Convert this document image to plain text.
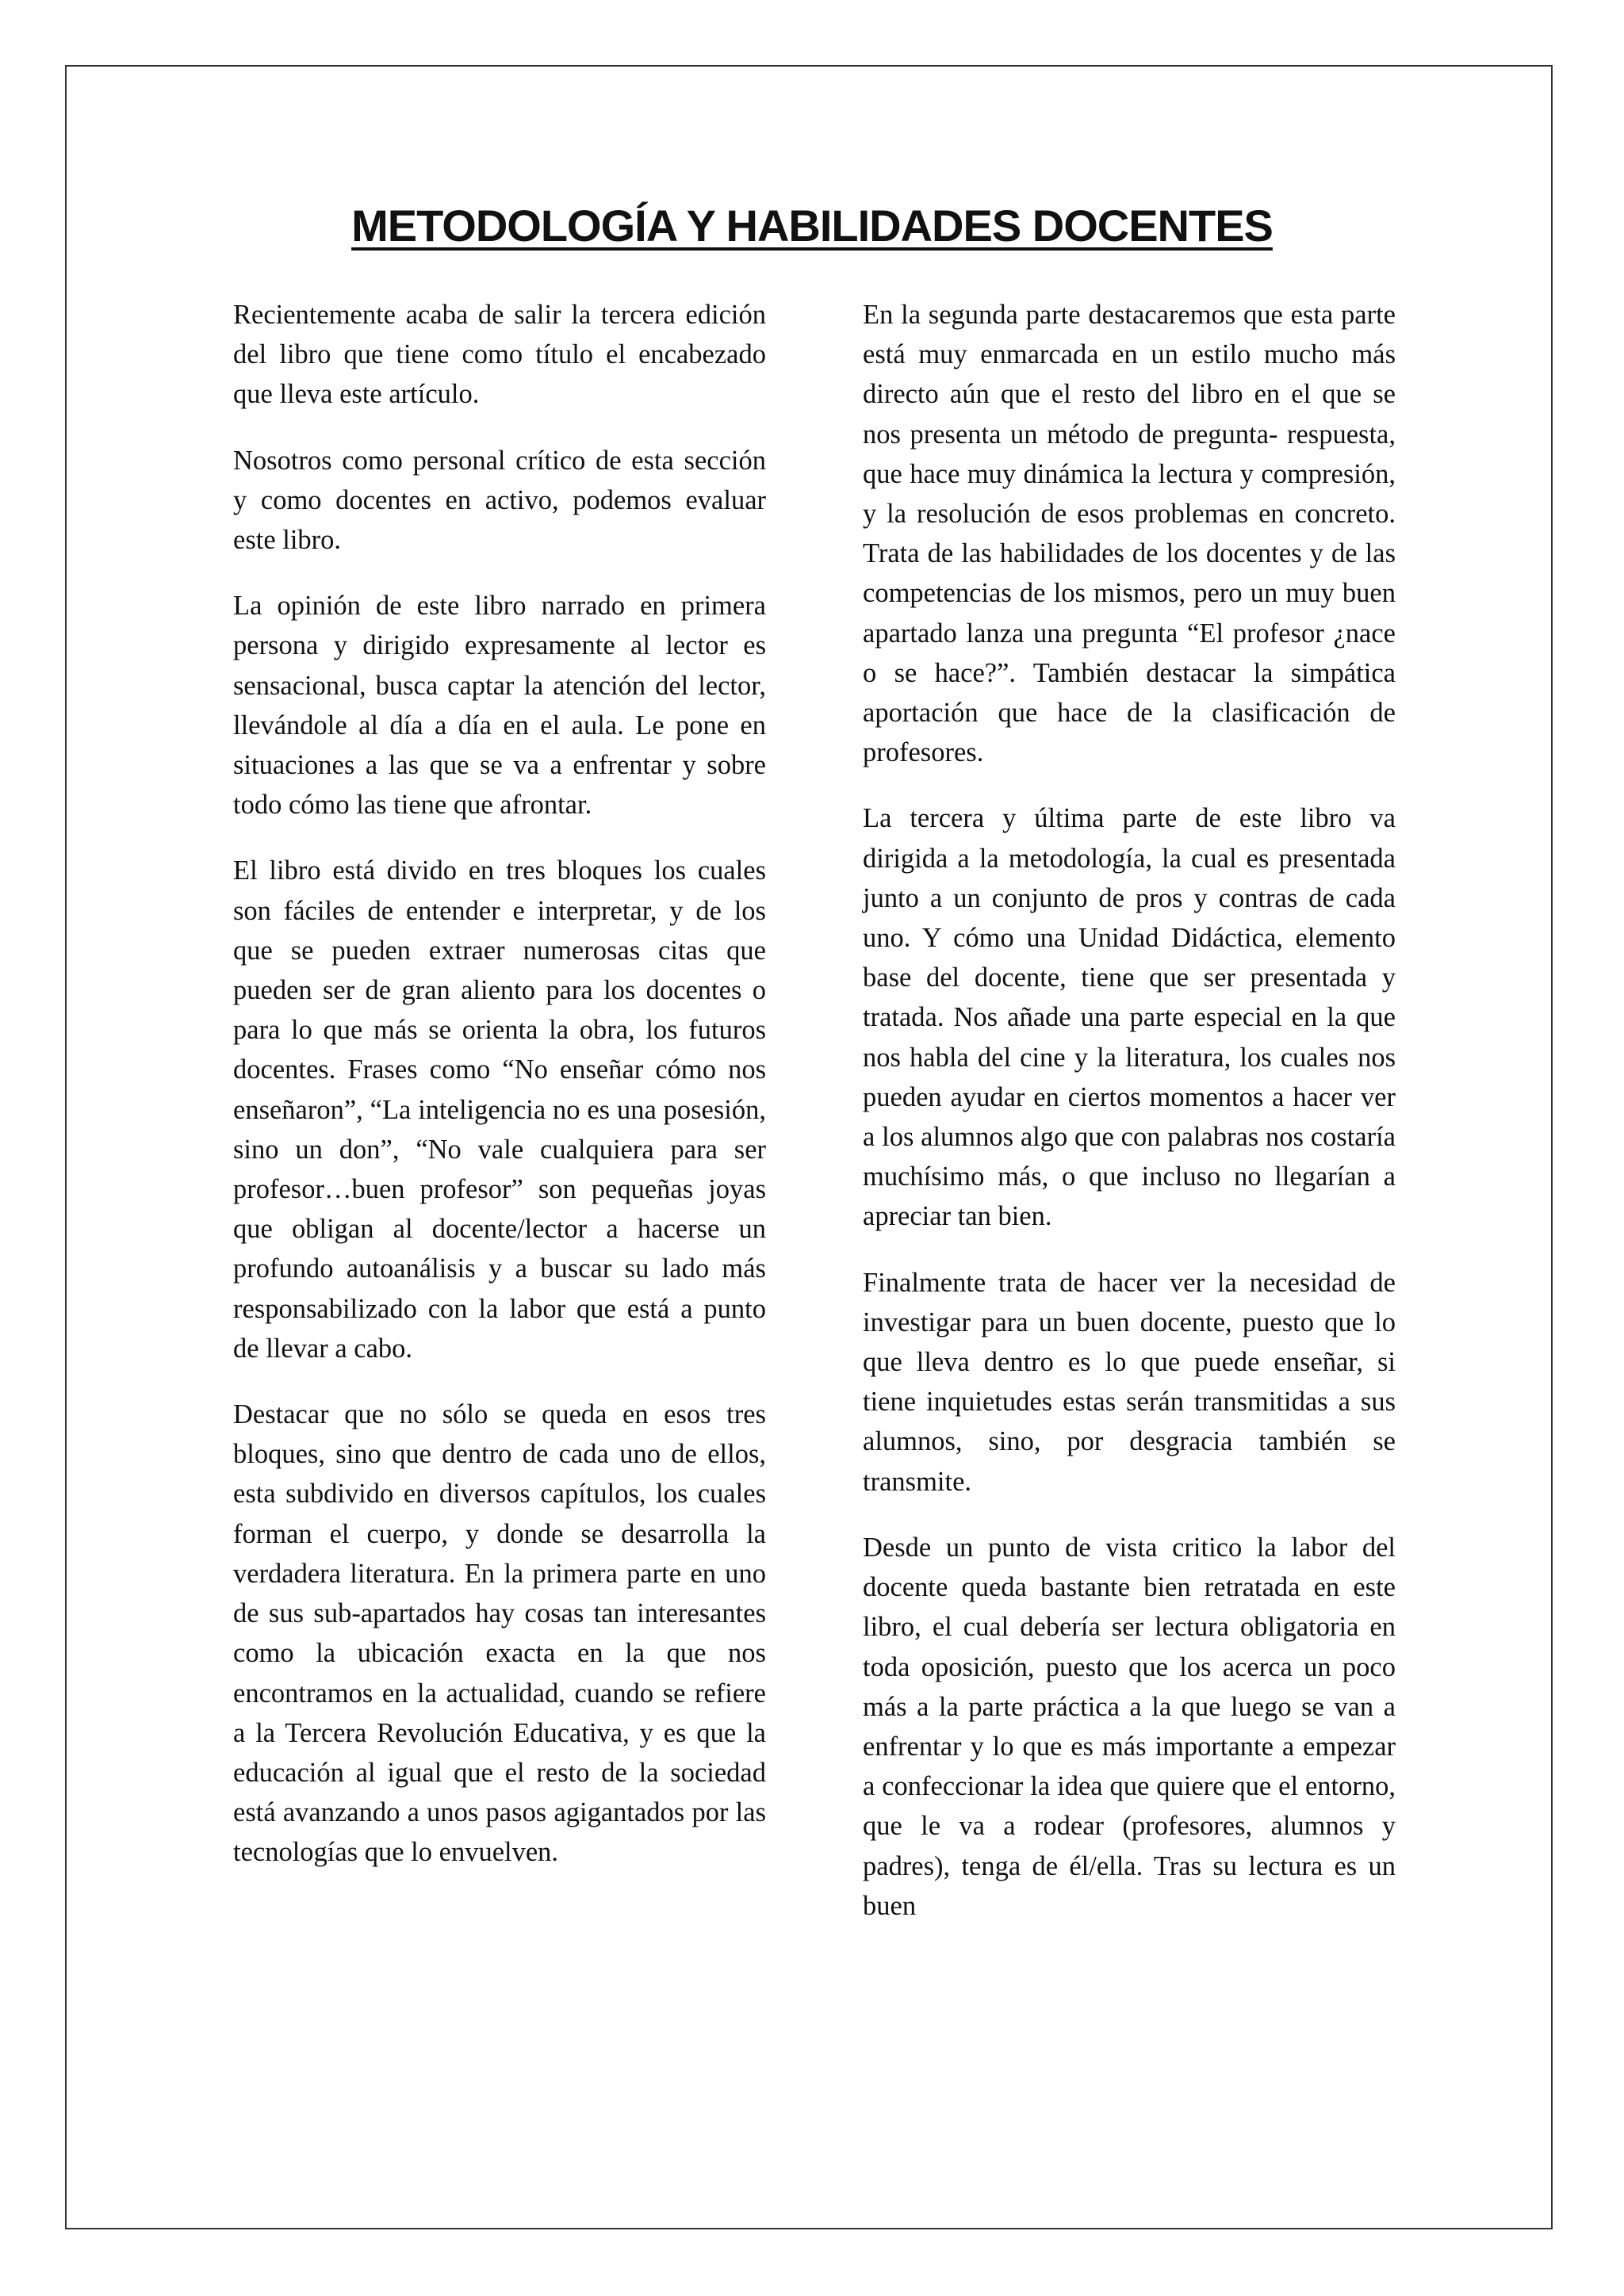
METODOLOGÍA Y HABILIDADES DOCENTES

Recientemente acaba de salir la tercera edición del libro que tiene como título el encabezado que lleva este artículo.

Nosotros como personal crítico de esta sección y como docentes en activo, podemos evaluar este libro.

La opinión de este libro narrado en primera persona y dirigido expresamente al lector es sensacional, busca captar la atención del lector, llevándole al día a día en el aula. Le pone en situaciones a las que se va a enfrentar y sobre todo cómo las tiene que afrontar.

El libro está divido en tres bloques los cuales son fáciles de entender e interpretar, y de los que se pueden extraer numerosas citas que pueden ser de gran aliento para los docentes o para lo que más se orienta la obra, los futuros docentes. Frases como “No enseñar cómo nos enseñaron”, “La inteligencia no es una posesión, sino un don”, “No vale cualquiera para ser profesor…buen profesor” son pequeñas joyas que obligan al docente/lector a hacerse un profundo autoanálisis y a buscar su lado más responsabilizado con la labor que está a punto de llevar a cabo.

Destacar que no sólo se queda en esos tres bloques, sino que dentro de cada uno de ellos, esta subdivido en diversos capítulos, los cuales forman el cuerpo, y donde se desarrolla la verdadera literatura. En la primera parte en uno de sus sub-apartados hay cosas tan interesantes como la ubicación exacta en la que nos encontramos en la actualidad, cuando se refiere a la Tercera Revolución Educativa, y es que la educación al igual que el resto de la sociedad está avanzando a unos pasos agigantados por las tecnologías que lo envuelven.

En la segunda parte destacaremos que esta parte está muy enmarcada en un estilo mucho más directo aún que el resto del libro en el que se nos presenta un método de pregunta- respuesta, que hace muy dinámica la lectura y compresión, y la resolución de esos problemas en concreto. Trata de las habilidades de los docentes y de las competencias de los mismos, pero un muy buen apartado lanza una pregunta “El profesor ¿nace o se hace?”. También destacar la simpática aportación que hace de la clasificación de profesores.

La tercera y última parte de este libro va dirigida a la metodología, la cual es presentada junto a un conjunto de pros y contras de cada uno. Y cómo una Unidad Didáctica, elemento base del docente, tiene que ser presentada y tratada. Nos añade una parte especial en la que nos habla del cine y la literatura, los cuales nos pueden ayudar en ciertos momentos a hacer ver a los alumnos algo que con palabras nos costaría muchísimo más, o que incluso no llegarían a apreciar tan bien.

Finalmente trata de hacer ver la necesidad de investigar para un buen docente, puesto que lo que lleva dentro es lo que puede enseñar, si tiene inquietudes estas serán transmitidas a sus alumnos, sino, por desgracia también se transmite.

Desde un punto de vista critico la labor del docente queda bastante bien retratada en este libro, el cual debería ser lectura obligatoria en toda oposición, puesto que los acerca un poco más a la parte práctica a la que luego se van a enfrentar y lo que es más importante a empezar a confeccionar la idea que quiere que el entorno, que le va a rodear (profesores, alumnos y padres), tenga de él/ella. Tras su lectura es un buen
